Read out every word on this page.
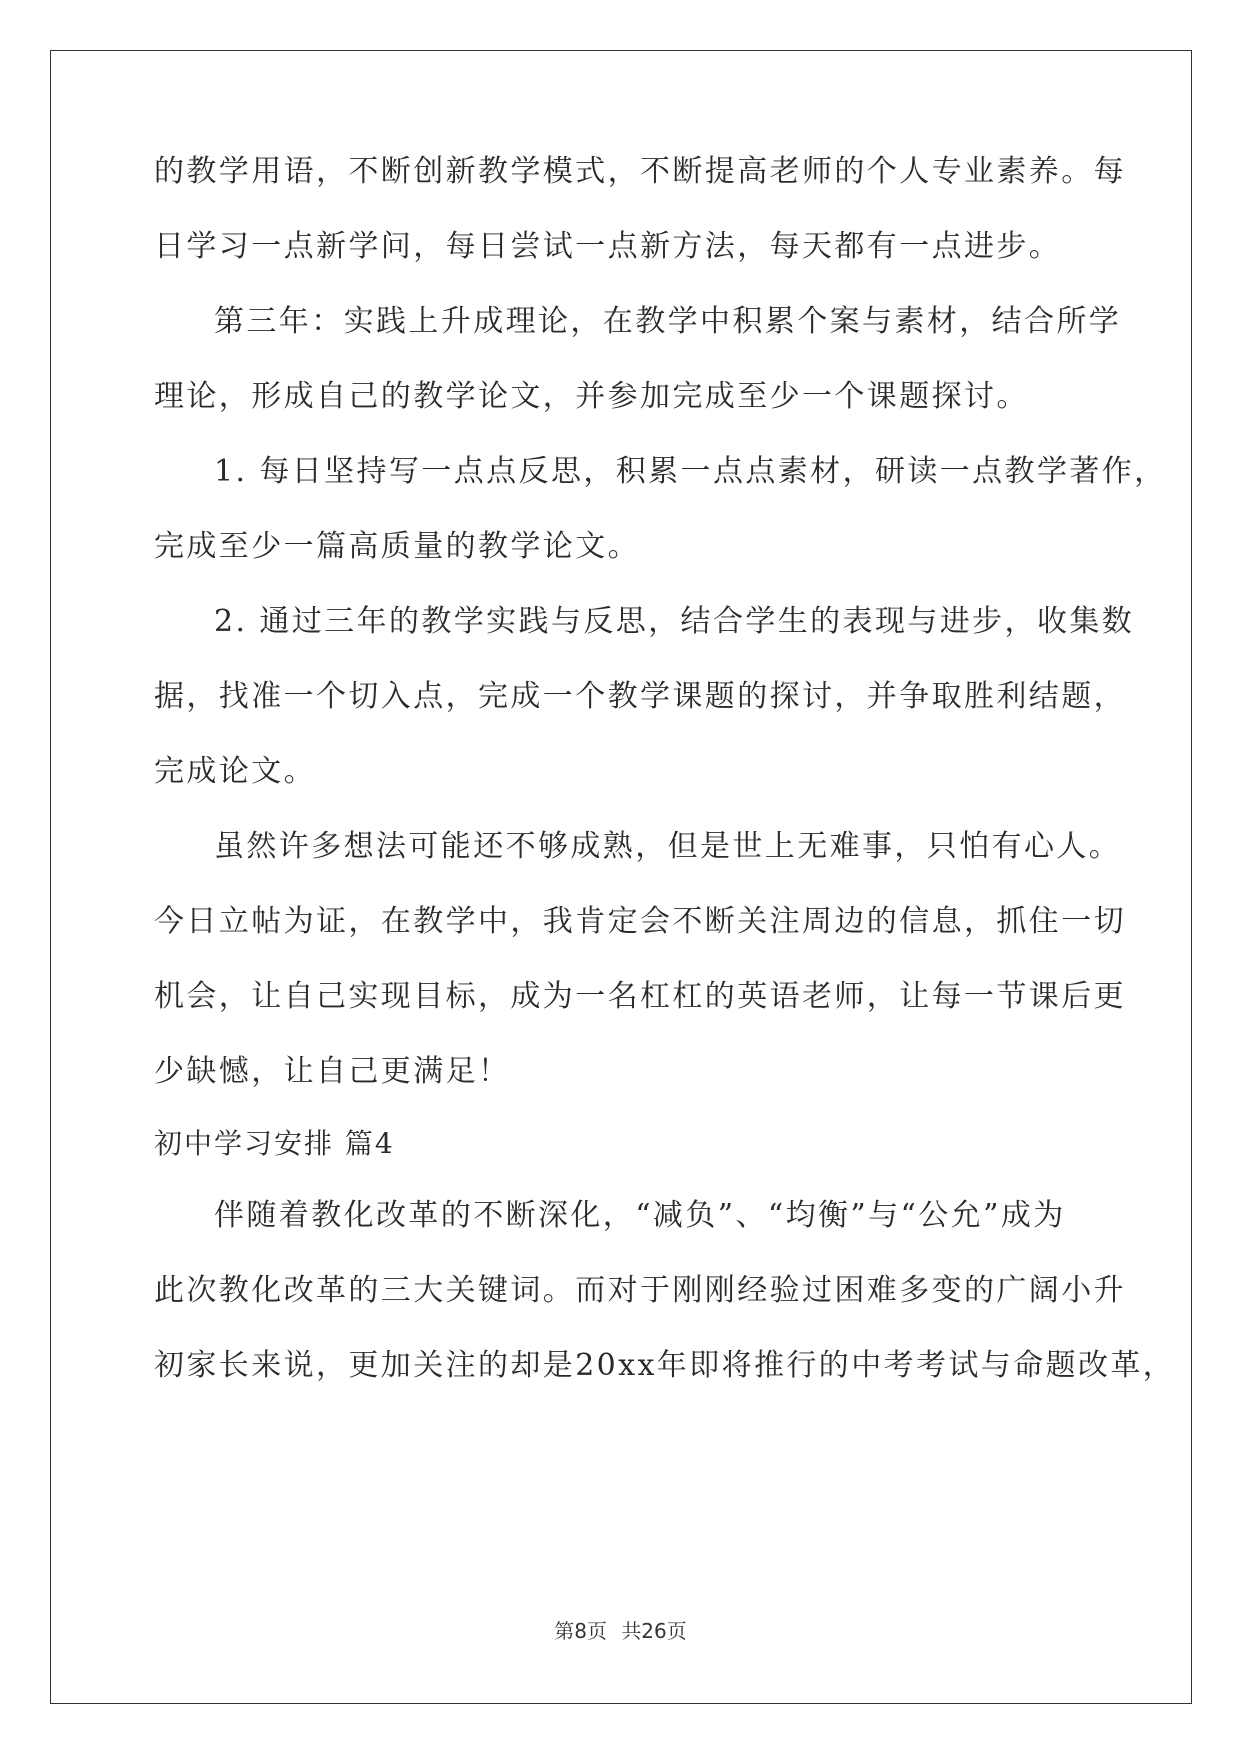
的教学用语，不断创新教学模式，不断提高老师的个人专业素养。每
日学习一点新学问，每日尝试一点新方法，每天都有一点进步。
第三年：实践上升成理论，在教学中积累个案与素材，结合所学
理论，形成自己的教学论文，并参加完成至少一个课题探讨。
1. 每日坚持写一点点反思，积累一点点素材，研读一点教学著作，
完成至少一篇高质量的教学论文。
2. 通过三年的教学实践与反思，结合学生的表现与进步，收集数
据，找准一个切入点，完成一个教学课题的探讨，并争取胜利结题，
完成论文。
虽然许多想法可能还不够成熟，但是世上无难事，只怕有心人。
今日立帖为证，在教学中，我肯定会不断关注周边的信息，抓住一切
机会，让自己实现目标，成为一名杠杠的英语老师，让每一节课后更
少缺憾，让自己更满足！
初中学习安排 篇4
伴随着教化改革的不断深化，“减负”、“均衡”与“公允”成为
此次教化改革的三大关键词。而对于刚刚经验过困难多变的广阔小升
初家长来说，更加关注的却是20xx年即将推行的中考考试与命题改革，
第8页 共26页
